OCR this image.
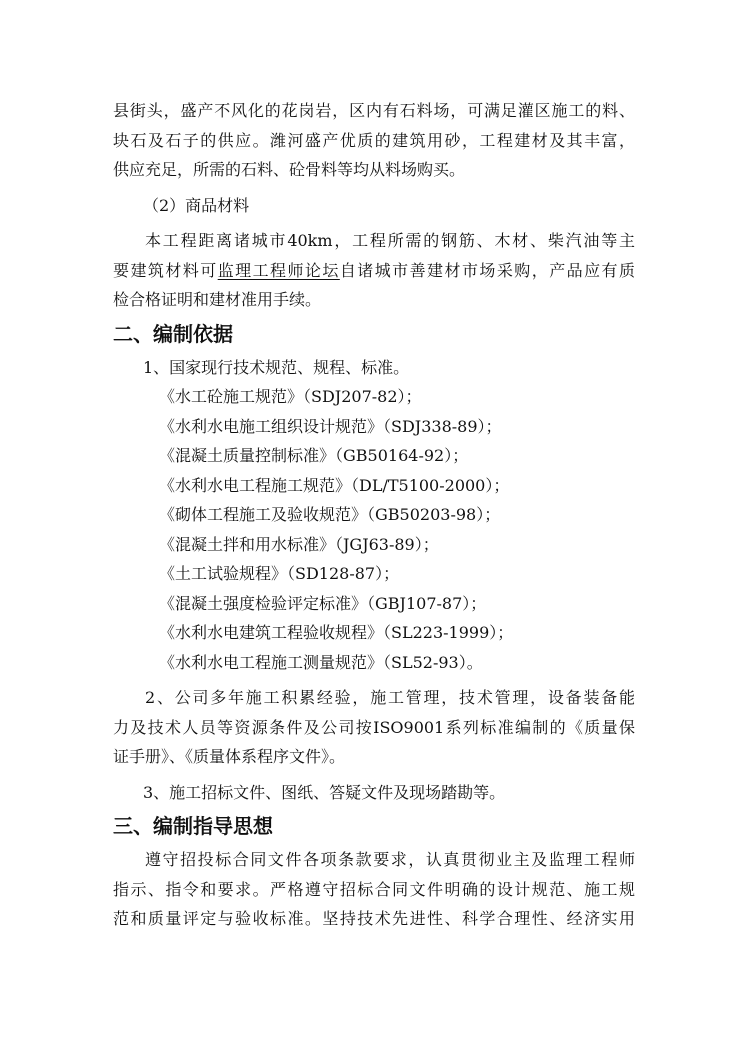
县街头，盛产不风化的花岗岩，区内有石料场，可满足灌区施工的料、

块石及石子的供应。潍河盛产优质的建筑用砂，工程建材及其丰富，

供应充足，所需的石料、砼骨料等均从料场购买。

（2）商品材料

本工程距离诸城市40km，工程所需的钢筋、木材、柴汽油等主

要建筑材料可监理工程师论坛自诸城市善建材市场采购，产品应有质

检合格证明和建材准用手续。

二、编制依据

1、国家现行技术规范、规程、标准。

《水工砼施工规范》（SDJ207-82）；

《水利水电施工组织设计规范》（SDJ338-89）；

《混凝土质量控制标准》（GB50164-92）；

《水利水电工程施工规范》（DL/T5100-2000）；

《砌体工程施工及验收规范》（GB50203-98）；

《混凝土拌和用水标准》（JGJ63-89）；

《土工试验规程》（SD128-87）；

《混凝土强度检验评定标准》（GBJ107-87）；

《水利水电建筑工程验收规程》（SL223-1999）；

《水利水电工程施工测量规范》（SL52-93）。

2、公司多年施工积累经验，施工管理，技术管理，设备装备能

力及技术人员等资源条件及公司按ISO9001系列标准编制的《质量保

证手册》、《质量体系程序文件》。

3、施工招标文件、图纸、答疑文件及现场踏勘等。

三、编制指导思想

遵守招投标合同文件各项条款要求，认真贯彻业主及监理工程师

指示、指令和要求。严格遵守招标合同文件明确的设计规范、施工规

范和质量评定与验收标准。坚持技术先进性、科学合理性、经济实用
